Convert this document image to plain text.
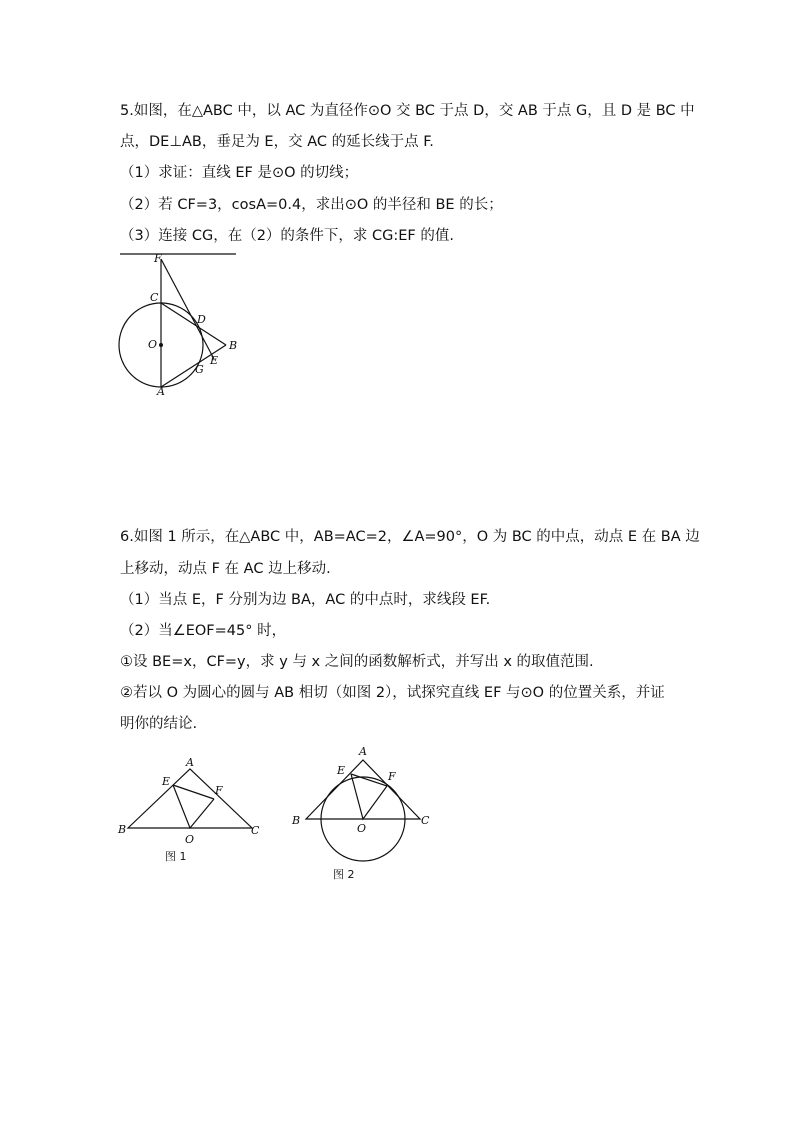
5.如图，在△ABC 中，以 AC 为直径作⊙O 交 BC 于点 D，交 AB 于点 G，且 D 是 BC 中
点，DE⊥AB，垂足为 E，交 AC 的延长线于点 F.
（1）求证：直线 EF 是⊙O 的切线；
（2）若 CF=3，cosA=0.4，求出⊙O 的半径和 BE 的长；
（3）连接 CG，在（2）的条件下，求 CG:EF 的值.
F
C
D
O	B
E
G
A
6.如图 1 所示，在△ABC 中，AB=AC=2，∠A=90°，O 为 BC 的中点，动点 E 在 BA 边
上移动，动点 F 在 AC 边上移动.
（1）当点 E，F 分别为边 BA，AC 的中点时，求线段 EF.
（2）当∠EOF=45° 时，
①设 BE=x，CF=y，求 y 与 x 之间的函数解析式，并写出 x 的取值范围.
②若以 O 为圆心的圆与 AB 相切（如图 2），试探究直线 EF 与⊙O 的位置关系，并证
明你的结论.
A
E
F
B
O
C
图 1
A
E	F
B
O
C
图 2
